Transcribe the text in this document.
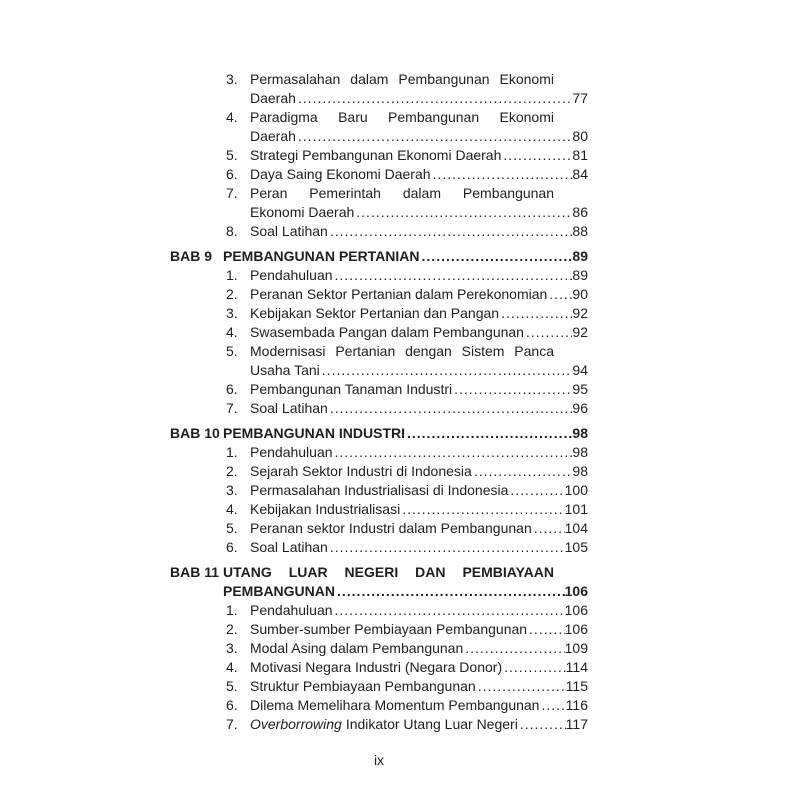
3. Permasalahan dalam Pembangunan Ekonomi
Daerah .....	77
4. Paradigma Baru Pembangunan Ekonomi
Daerah .....	80
5. Strategi Pembangunan Ekonomi Daerah .....	81
6. Daya Saing Ekonomi Daerah .....	84
7. Peran Pemerintah dalam Pembangunan
Ekonomi Daerah .....	86
8. Soal Latihan .....	88
BAB 9 PEMBANGUNAN PERTANIAN .....	89
1. Pendahuluan .....	89
2. Peranan Sektor Pertanian dalam Perekonomian ..... 90
3. Kebijakan Sektor Pertanian dan Pangan .....	92
4. Swasembada Pangan dalam Pembangunan .....	92
5. Modernisasi Pertanian dengan Sistem Panca
Usaha Tani .....	94
6. Pembangunan Tanaman Industri .....	95
7. Soal Latihan .....	96
BAB 10 PEMBANGUNAN INDUSTRI .....	98
1. Pendahuluan .....	98
2. Sejarah Sektor Industri di Indonesia .....	98
3. Permasalahan Industrialisasi di Indonesia .....	100
4. Kebijakan Industrialisasi .....	101
5. Peranan sektor Industri dalam Pembangunan ..... 104
6. Soal Latihan .....	105
BAB 11 UTANG LUAR NEGERI DAN PEMBIAYAAN
PEMBANGUNAN .....	106
1. Pendahuluan .....	106
2. Sumber-sumber Pembiayaan Pembangunan .....	106
3. Modal Asing dalam Pembangunan .....	109
4. Motivasi Negara Industri (Negara Donor) .....	114
5. Struktur Pembiayaan Pembangunan .....	115
6. Dilema Memelihara Momentum Pembangunan ..... 116
7. Overborrowing Indikator Utang Luar Negeri .....	117
ix
